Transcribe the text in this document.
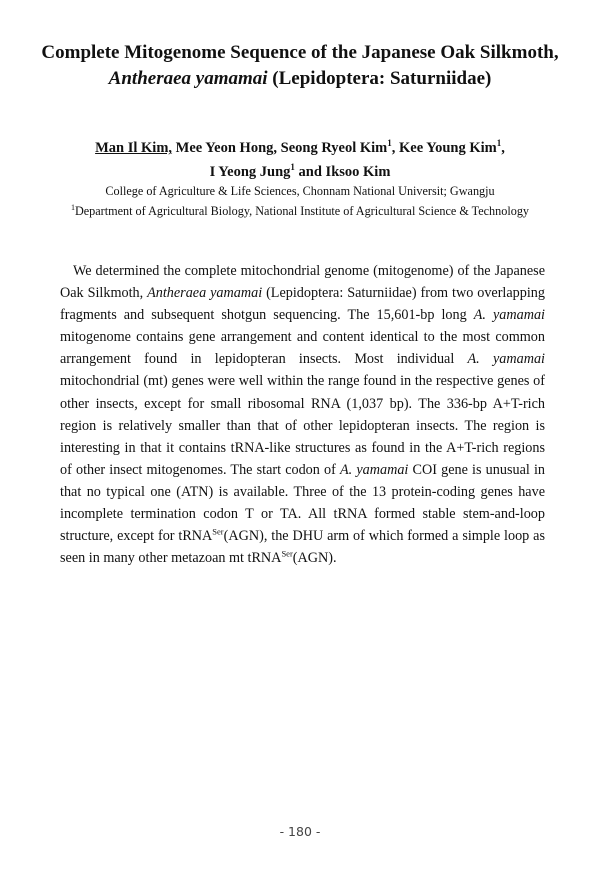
Complete Mitogenome Sequence of the Japanese Oak Silkmoth,
Antheraea yamamai (Lepidoptera: Saturniidae)
Man Il Kim, Mee Yeon Hong, Seong Ryeol Kim$^1$, Kee Young Kim$^1$,
I Yeong Jung$^1$ and Iksoo Kim
College of Agriculture & Life Sciences, Chonnam National Universit; Gwangju
$^1$Department of Agricultural Biology, National Institute of Agricultural Science & Technology
We determined the complete mitochondrial genome (mitogenome) of the Japanese Oak Silkmoth, Antheraea yamamai (Lepidoptera: Saturniidae) from two overlapping fragments and subsequent shotgun sequencing. The 15,601-bp long A. yamamai mitogenome contains gene arrangement and content identical to the most common arrangement found in lepidopteran insects. Most individual A. yamamai mitochondrial (mt) genes were well within the range found in the respective genes of other insects, except for small ribosomal RNA (1,037 bp). The 336-bp A+T-rich region is relatively smaller than that of other lepidopteran insects. The region is interesting in that it contains tRNA-like structures as found in the A+T-rich regions of other insect mitogenomes. The start codon of A. yamamai COI gene is unusual in that no typical one (ATN) is available. Three of the 13 protein-coding genes have incomplete termination codon T or TA. All tRNA formed stable stem-and-loop structure, except for tRNA$^{Ser}$(AGN), the DHU arm of which formed a simple loop as seen in many other metazoan mt tRNA$^{Ser}$(AGN).
- 180 -
